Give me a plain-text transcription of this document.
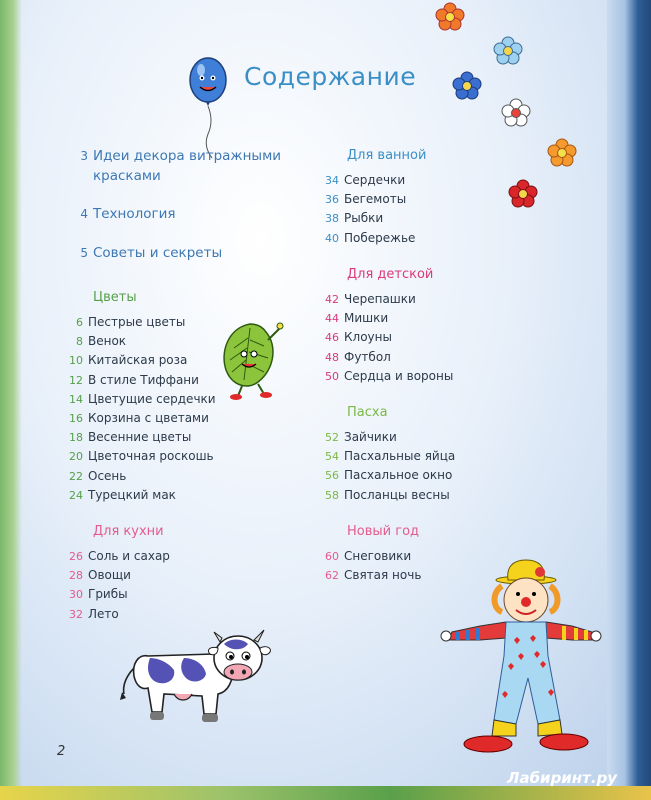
Содержание
3 Идеи декора витражными
красками
4 Технология
5 Советы и секреты
Цветы
6 Пестрые цветы
8 Венок
10 Китайская роза
12 В стиле Тиффани
14 Цветущие сердечки
16 Корзина с цветами
18 Весенние цветы
20 Цветочная роскошь
22 Осень
24 Турецкий мак
Для кухни
26 Соль и сахар
28 Овощи
30 Грибы
32 Лето
Для ванной
34 Сердечки
36 Бегемоты
38 Рыбки
40 Побережье
Для детской
42 Черепашки
44 Мишки
46 Клоуны
48 Футбол
50 Сердца и вороны
Пасха
52 Зайчики
54 Пасхальные яйца
56 Пасхальное окно
58 Посланцы весны
Новый год
60 Снеговики
62 Святая ночь
2
Лабиринт.ру
